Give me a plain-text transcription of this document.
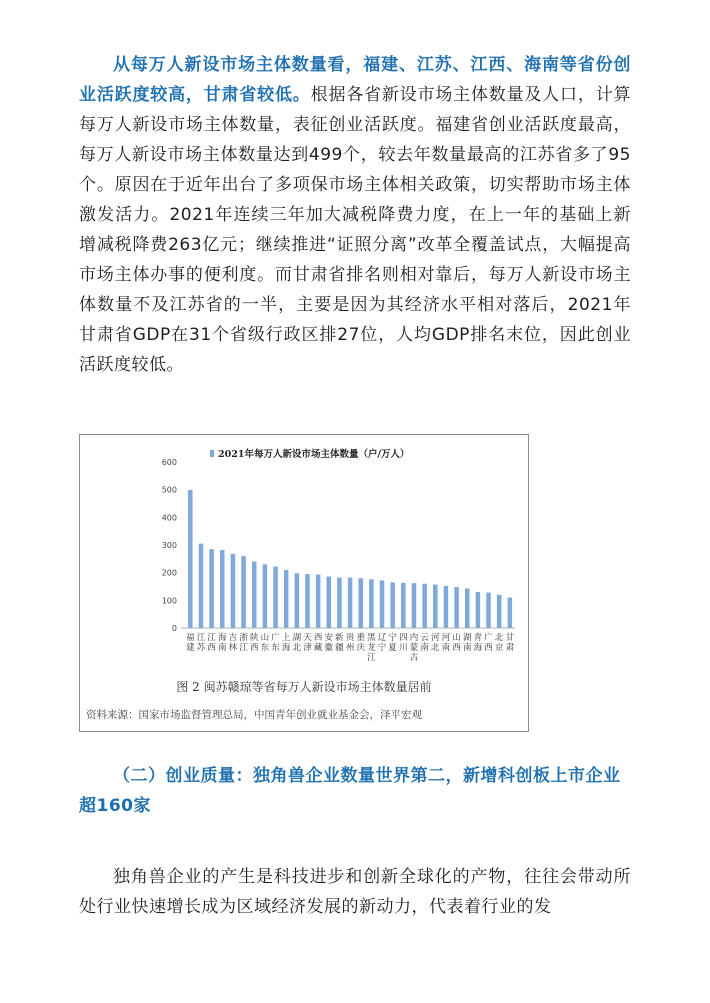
从每万人新设市场主体数量看，福建、江苏、江西、海南等省份创业活跃度较高，甘肃省较低。根据各省新设市场主体数量及人口，计算每万人新设市场主体数量，表征创业活跃度。福建省创业活跃度最高，每万人新设市场主体数量达到499个，较去年数量最高的江苏省多了95个。原因在于近年出台了多项保市场主体相关政策，切实帮助市场主体激发活力。2021年连续三年加大减税降费力度，在上一年的基础上新增减税降费263亿元；继续推进“证照分离”改革全覆盖试点，大幅提高市场主体办事的便利度。而甘肃省排名则相对靠后，每万人新设市场主体数量不及江苏省的一半，主要是因为其经济水平相对落后，2021年甘肃省GDP在31个省级行政区排27位，人均GDP排名末位，因此创业活跃度较低。

2021年每万人新设市场主体数量（户/万人）
0
100
200
300
400
500
600
福
建
江
苏
江
西
海
南
吉
林
浙
江
陕
西
山
东
广
东
上
海
湖
北
天
津
西
藏
安
徽
新
疆
贵
州
重
庆
黑
龙
江
辽
宁
宁
夏
四
川
内
蒙
古
云
南
河
北
河
南
山
西
湖
南
青
海
广
西
北
京
甘
肃
图 2 闽苏赣琼等省每万人新设市场主体数量居前
资料来源：国家市场监督管理总局，中国青年创业就业基金会，泽平宏观

（二）创业质量：独角兽企业数量世界第二，新增科创板上市企业超160家

独角兽企业的产生是科技进步和创新全球化的产物，往往会带动所处行业快速增长成为区域经济发展的新动力，代表着行业的发
